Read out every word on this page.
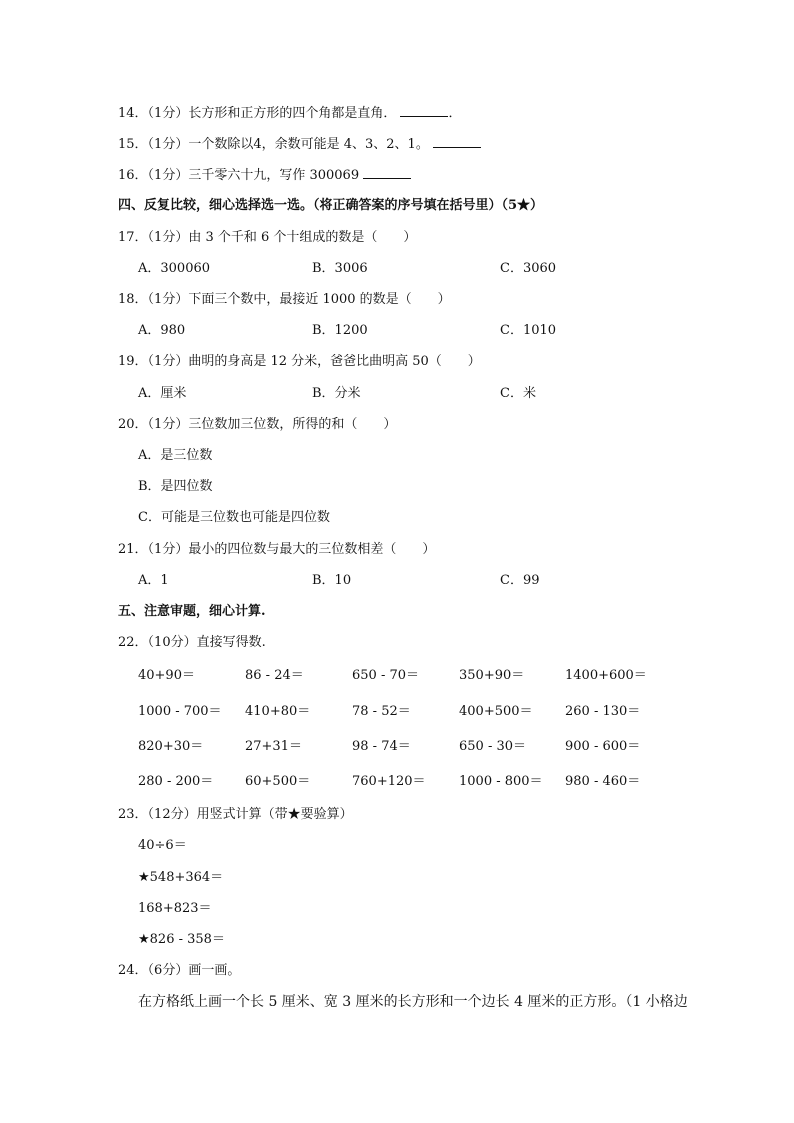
14．（1分）长方形和正方形的四个角都是直角．	．
15．（1分）一个数除以4，余数可能是 4、3、2、1。
16．（1分）三千零六十九，写作 300069
四、反复比较，细心选择选一选。（将正确答案的序号填在括号里）（5★）
17．（1分）由 3 个千和 6 个十组成的数是（　　）
A．300060	B．3006	C．3060
18．（1分）下面三个数中，最接近 1000 的数是（　　）
A．980	B．1200	C．1010
19．（1分）曲明的身高是 12 分米，爸爸比曲明高 50（　　）
A．厘米	B．分米	C．米
20．（1分）三位数加三位数，所得的和（　　）
A．是三位数
B．是四位数
C．可能是三位数也可能是四位数
21．（1分）最小的四位数与最大的三位数相差（　　）
A．1	B．10	C．99
五、注意审题，细心计算.
22．（10分）直接写得数.
40+90＝	86 - 24＝	650 - 70＝	350+90＝	1400+600＝
1000 - 700＝ 410+80＝	78 - 52＝	400+500＝ 260 - 130＝
820+30＝	27+31＝	98 - 74＝	650 - 30＝	900 - 600＝
280 - 200＝ 60+500＝	760+120＝	1000 - 800＝ 980 - 460＝
23．（12分）用竖式计算（带★要验算）
40÷6＝
★548+364＝
168+823＝
★826 - 358＝
24．（6分）画一画。
在方格纸上画一个长 5 厘米、宽 3 厘米的长方形和一个边长 4 厘米的正方形。（1 小格边
